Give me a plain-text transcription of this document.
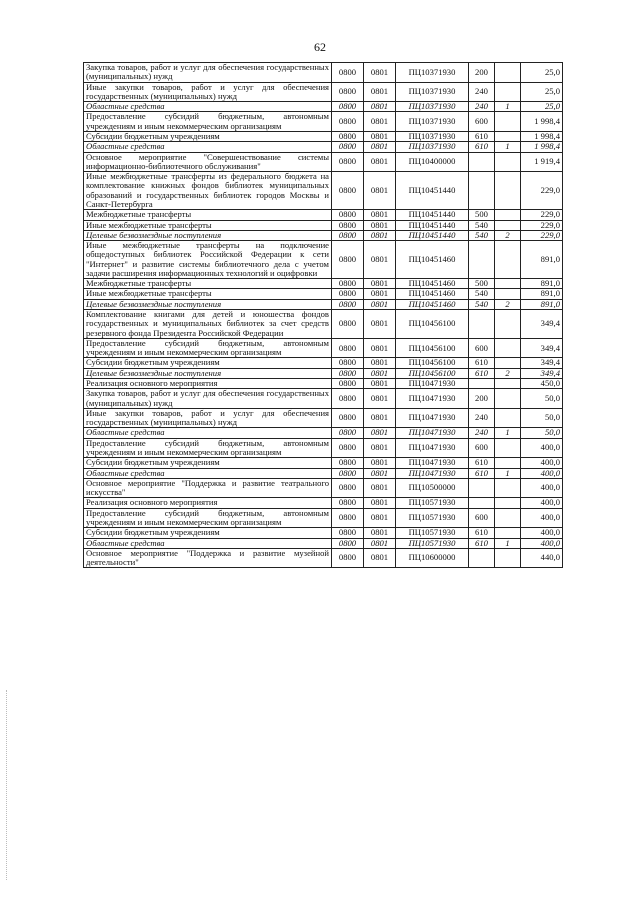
62
Закупка товаров, работ и услуг для обеспечения государственных (муниципальных) нужд	0800	0801	ПЦ10371930	200		25,0
Иные закупки товаров, работ и услуг для обеспечения государственных (муниципальных) нужд	0800	0801	ПЦ10371930	240		25,0
Областные средства	0800	0801	ПЦ10371930	240	1	25,0
Предоставление субсидий бюджетным, автономным учреждениям и иным некоммерческим организациям	0800	0801	ПЦ10371930	600		1 998,4
Субсидии бюджетным учреждениям	0800	0801	ПЦ10371930	610		1 998,4
Областные средства	0800	0801	ПЦ10371930	610	1	1 998,4
Основное мероприятие "Совершенствование системы информационно-библиотечного обслуживания"	0800	0801	ПЦ10400000			1 919,4
Иные межбюджетные трансферты из федерального бюджета на комплектование книжных фондов библиотек муниципальных образований и государственных библиотек городов Москвы и Санкт-Петербурга	0800	0801	ПЦ10451440			229,0
Межбюджетные трансферты	0800	0801	ПЦ10451440	500		229,0
Иные межбюджетные трансферты	0800	0801	ПЦ10451440	540		229,0
Целевые безвозмездные поступления	0800	0801	ПЦ10451440	540	2	229,0
Иные межбюджетные трансферты на подключение общедоступных библиотек Российской Федерации к сети "Интернет" и развитие системы библиотечного дела с учетом задачи расширения информационных технологий и оцифровки	0800	0801	ПЦ10451460			891,0
Межбюджетные трансферты	0800	0801	ПЦ10451460	500		891,0
Иные межбюджетные трансферты	0800	0801	ПЦ10451460	540		891,0
Целевые безвозмездные поступления	0800	0801	ПЦ10451460	540	2	891,0
Комплектование книгами для детей и юношества фондов государственных и муниципальных библиотек за счет средств резервного фонда Президента Российской Федерации	0800	0801	ПЦ10456100			349,4
Предоставление субсидий бюджетным, автономным учреждениям и иным некоммерческим организациям	0800	0801	ПЦ10456100	600		349,4
Субсидии бюджетным учреждениям	0800	0801	ПЦ10456100	610		349,4
Целевые безвозмездные поступления	0800	0801	ПЦ10456100	610	2	349,4
Реализация основного мероприятия	0800	0801	ПЦ10471930			450,0
Закупка товаров, работ и услуг для обеспечения государственных (муниципальных) нужд	0800	0801	ПЦ10471930	200		50,0
Иные закупки товаров, работ и услуг для обеспечения государственных (муниципальных) нужд	0800	0801	ПЦ10471930	240		50,0
Областные средства	0800	0801	ПЦ10471930	240	1	50,0
Предоставление субсидий бюджетным, автономным учреждениям и иным некоммерческим организациям	0800	0801	ПЦ10471930	600		400,0
Субсидии бюджетным учреждениям	0800	0801	ПЦ10471930	610		400,0
Областные средства	0800	0801	ПЦ10471930	610	1	400,0
Основное мероприятие "Поддержка и развитие театрального искусства"	0800	0801	ПЦ10500000			400,0
Реализация основного мероприятия	0800	0801	ПЦ10571930			400,0
Предоставление субсидий бюджетным, автономным учреждениям и иным некоммерческим организациям	0800	0801	ПЦ10571930	600		400,0
Субсидии бюджетным учреждениям	0800	0801	ПЦ10571930	610		400,0
Областные средства	0800	0801	ПЦ10571930	610	1	400,0
Основное мероприятие "Поддержка и развитие музейной деятельности"	0800	0801	ПЦ10600000			440,0
